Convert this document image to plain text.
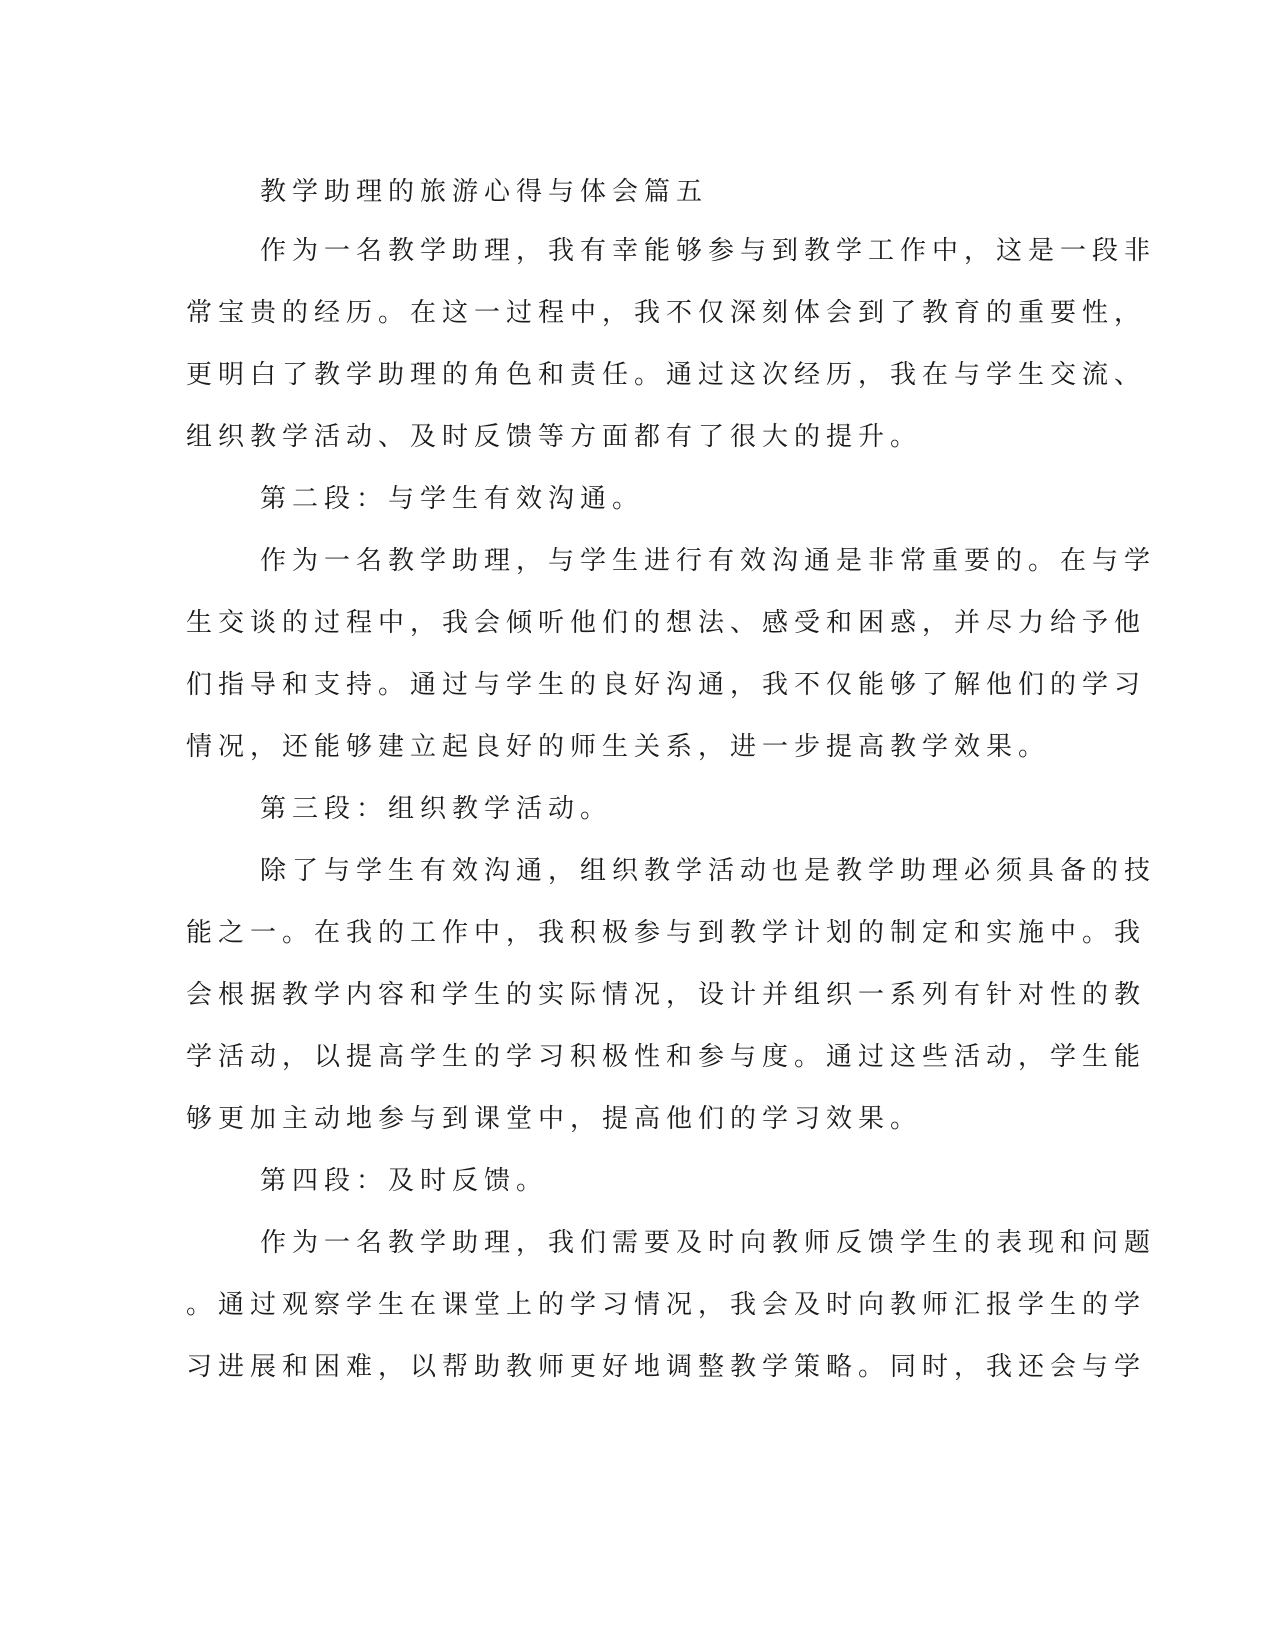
教学助理的旅游心得与体会篇五
作为一名教学助理，我有幸能够参与到教学工作中，这是一段非
常宝贵的经历。在这一过程中，我不仅深刻体会到了教育的重要性，
更明白了教学助理的角色和责任。通过这次经历，我在与学生交流、
组织教学活动、及时反馈等方面都有了很大的提升。
第二段：与学生有效沟通。
作为一名教学助理，与学生进行有效沟通是非常重要的。在与学
生交谈的过程中，我会倾听他们的想法、感受和困惑，并尽力给予他
们指导和支持。通过与学生的良好沟通，我不仅能够了解他们的学习
情况，还能够建立起良好的师生关系，进一步提高教学效果。
第三段：组织教学活动。
除了与学生有效沟通，组织教学活动也是教学助理必须具备的技
能之一。在我的工作中，我积极参与到教学计划的制定和实施中。我
会根据教学内容和学生的实际情况，设计并组织一系列有针对性的教
学活动，以提高学生的学习积极性和参与度。通过这些活动，学生能
够更加主动地参与到课堂中，提高他们的学习效果。
第四段：及时反馈。
作为一名教学助理，我们需要及时向教师反馈学生的表现和问题
。通过观察学生在课堂上的学习情况，我会及时向教师汇报学生的学
习进展和困难，以帮助教师更好地调整教学策略。同时，我还会与学
